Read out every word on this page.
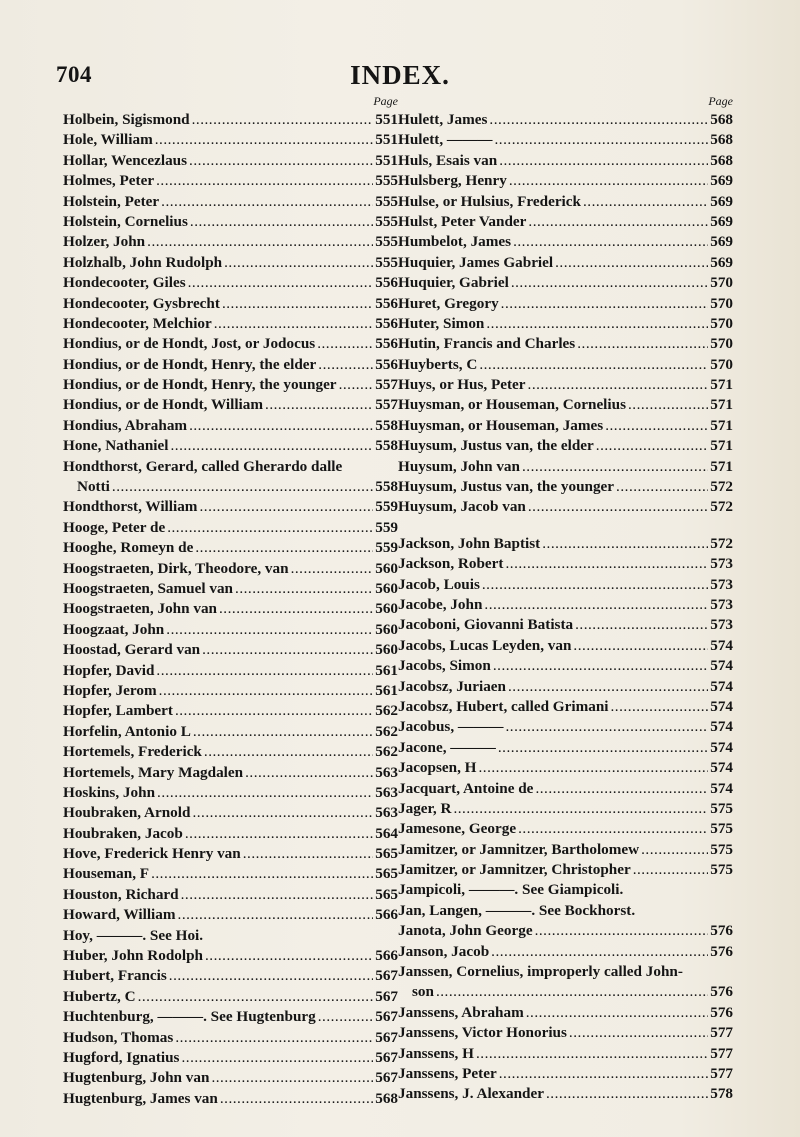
704	INDEX.
Page
Holbein, Sigismond .....	551
Hole, William .....	551
Hollar, Wencezlaus .....	551
Holmes, Peter .....	555
Holstein, Peter .....	555
Holstein, Cornelius .....	555
Holzer, John .....	555
Holzhalb, John Rudolph .....	555
Hondecooter, Giles .....	556
Hondecooter, Gysbrecht .....	556
Hondecooter, Melchior .....	556
Hondius, or de Hondt, Jost, or Jodocus .....	556
Hondius, or de Hondt, Henry, the elder .....	556
Hondius, or de Hondt, Henry, the younger .....	557
Hondius, or de Hondt, William .....	557
Hondius, Abraham .....	558
Hone, Nathaniel .....	558
Hondthorst, Gerard, called Gherardo dalle
Notti .....	558
Hondthorst, William .....	559
Hooge, Peter de .....	559
Hooghe, Romeyn de .....	559
Hoogstraeten, Dirk, Theodore, van .....	560
Hoogstraeten, Samuel van .....	560
Hoogstraeten, John van .....	560
Hoogzaat, John .....	560
Hoostad, Gerard van .....	560
Hopfer, David .....	561
Hopfer, Jerom .....	561
Hopfer, Lambert .....	562
Horfelin, Antonio L .....	562
Hortemels, Frederick .....	562
Hortemels, Mary Magdalen .....	563
Hoskins, John .....	563
Houbraken, Arnold .....	563
Houbraken, Jacob .....	564
Hove, Frederick Henry van .....	565
Houseman, F .....	565
Houston, Richard .....	565
Howard, William .....	566
Hoy, ———. See Hoi.
Huber, John Rodolph .....	566
Hubert, Francis .....	567
Hubertz, C .....	567
Huchtenburg, ———. See Hugtenburg .....	567
Hudson, Thomas .....	567
Hugford, Ignatius .....	567
Hugtenburg, John van .....	567
Hugtenburg, James van .....	568
Page
Hulett, James .....	568
Hulett, ——— .....	568
Huls, Esais van .....	568
Hulsberg, Henry .....	569
Hulse, or Hulsius, Frederick .....	569
Hulst, Peter Vander .....	569
Humbelot, James .....	569
Huquier, James Gabriel .....	569
Huquier, Gabriel .....	570
Huret, Gregory .....	570
Huter, Simon .....	570
Hutin, Francis and Charles .....	570
Huyberts, C .....	570
Huys, or Hus, Peter .....	571
Huysman, or Houseman, Cornelius .....	571
Huysman, or Houseman, James .....	571
Huysum, Justus van, the elder .....	571
Huysum, John van .....	571
Huysum, Justus van, the younger .....	572
Huysum, Jacob van .....	572
Jackson, John Baptist .....	572
Jackson, Robert .....	573
Jacob, Louis .....	573
Jacobe, John .....	573
Jacoboni, Giovanni Batista .....	573
Jacobs, Lucas Leyden, van .....	574
Jacobs, Simon .....	574
Jacobsz, Juriaen .....	574
Jacobsz, Hubert, called Grimani .....	574
Jacobus, ——— .....	574
Jacone, ——— .....	574
Jacopsen, H .....	574
Jacquart, Antoine de .....	574
Jager, R .....	575
Jamesone, George .....	575
Jamitzer, or Jamnitzer, Bartholomew .....	575
Jamitzer, or Jamnitzer, Christopher .....	575
Jampicoli, ———. See Giampicoli.
Jan, Langen, ———. See Bockhorst.
Janota, John George .....	576
Janson, Jacob .....	576
Janssen, Cornelius, improperly called John-
son .....	576
Janssens, Abraham .....	576
Janssens, Victor Honorius .....	577
Janssens, H .....	577
Janssens, Peter .....	577
Janssens, J. Alexander .....	578
